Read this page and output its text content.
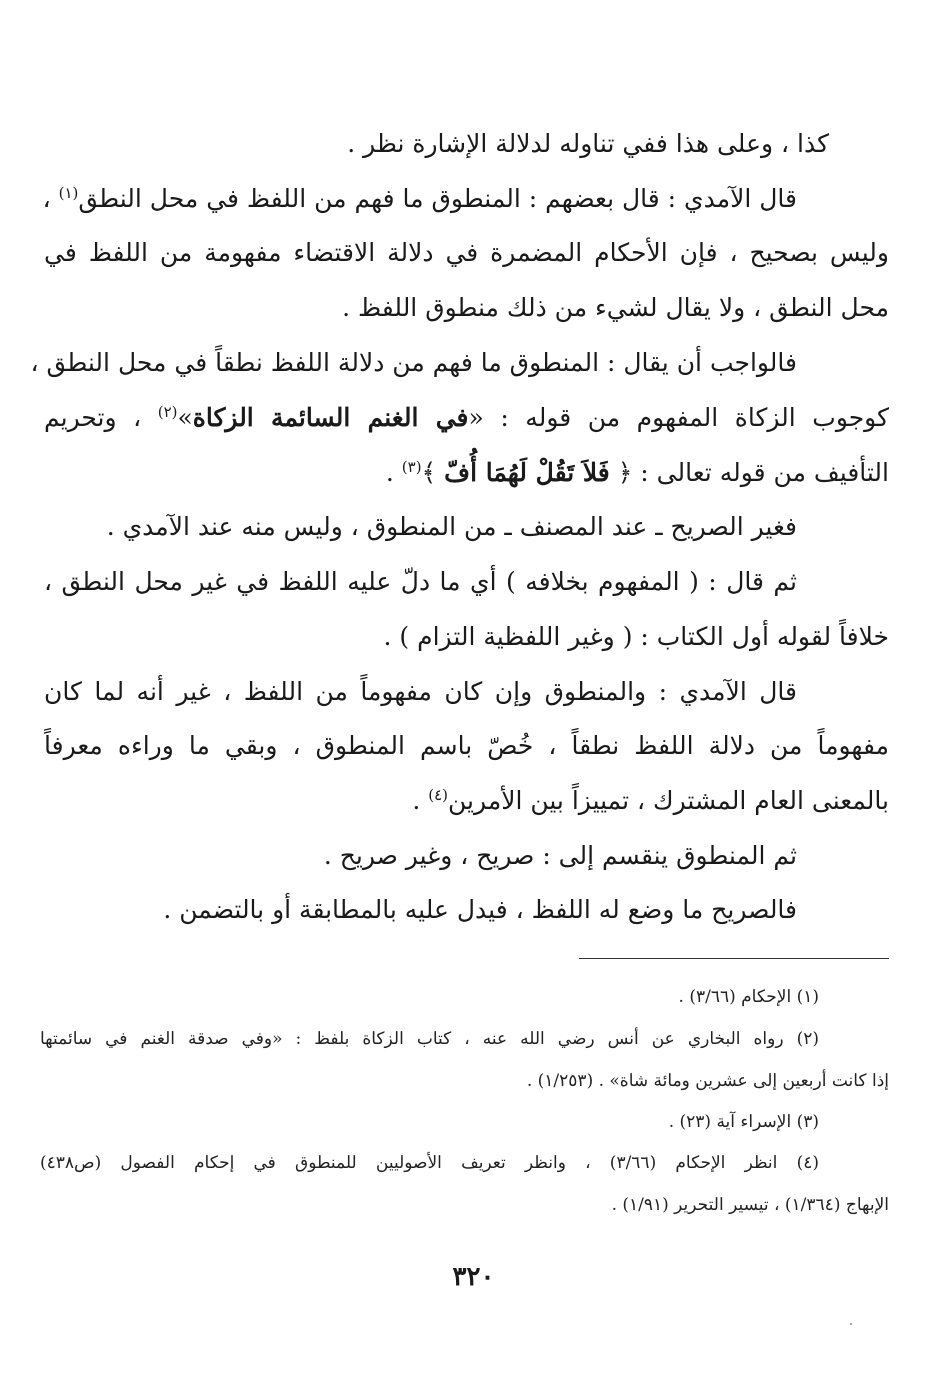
كذا ، وعلى هذا ففي تناوله لدلالة الإشارة نظر .
قال الآمدي : قال بعضهم : المنطوق ما فهم من اللفظ في محل النطق$^{(١)}$ ،
وليس بصحيح ، فإن الأحكام المضمرة في دلالة الاقتضاء مفهومة من اللفظ في
محل النطق ، ولا يقال لشيء من ذلك منطوق اللفظ .
فالواجب أن يقال : المنطوق ما فهم من دلالة اللفظ نطقاً في محل النطق ،
كوجوب الزكاة المفهوم من قوله : «في الغنم السائمة الزكاة»$^{(٢)}$ ، وتحريم
التأفيف من قوله تعالى : ﴿ فَلاَ تَقُلْ لَهُمَا أُفّ ﴾$^{(٣)}$ .
فغير الصريح ـ عند المصنف ـ من المنطوق ، وليس منه عند الآمدي .
ثم قال : ( المفهوم بخلافه ) أي ما دلّ عليه اللفظ في غير محل النطق ،
خلافاً لقوله أول الكتاب : ( وغير اللفظية التزام ) .
قال الآمدي : والمنطوق وإن كان مفهوماً من اللفظ ، غير أنه لما كان
مفهوماً من دلالة اللفظ نطقاً ، خُصّ باسم المنطوق ، وبقي ما وراءه معرفاً
بالمعنى العام المشترك ، تمييزاً بين الأمرين$^{(٤)}$ .
ثم المنطوق ينقسم إلى : صريح ، وغير صريح .
فالصريح ما وضع له اللفظ ، فيدل عليه بالمطابقة أو بالتضمن .
(١) الإحكام (٣/٦٦) .
(٢) رواه البخاري عن أنس رضي الله عنه ، كتاب الزكاة بلفظ : «وفي صدقة الغنم في سائمتها
إذا كانت أربعين إلى عشرين ومائة شاة» . (١/٢٥٣) .
(٣) الإسراء آية (٢٣) .
(٤) انظر الإحكام (٣/٦٦) ، وانظر تعريف الأصوليين للمنطوق في إحكام الفصول (ص٤٣٨)
الإبهاج (١/٣٦٤) ، تيسير التحرير (١/٩١) .
٣٢٠
